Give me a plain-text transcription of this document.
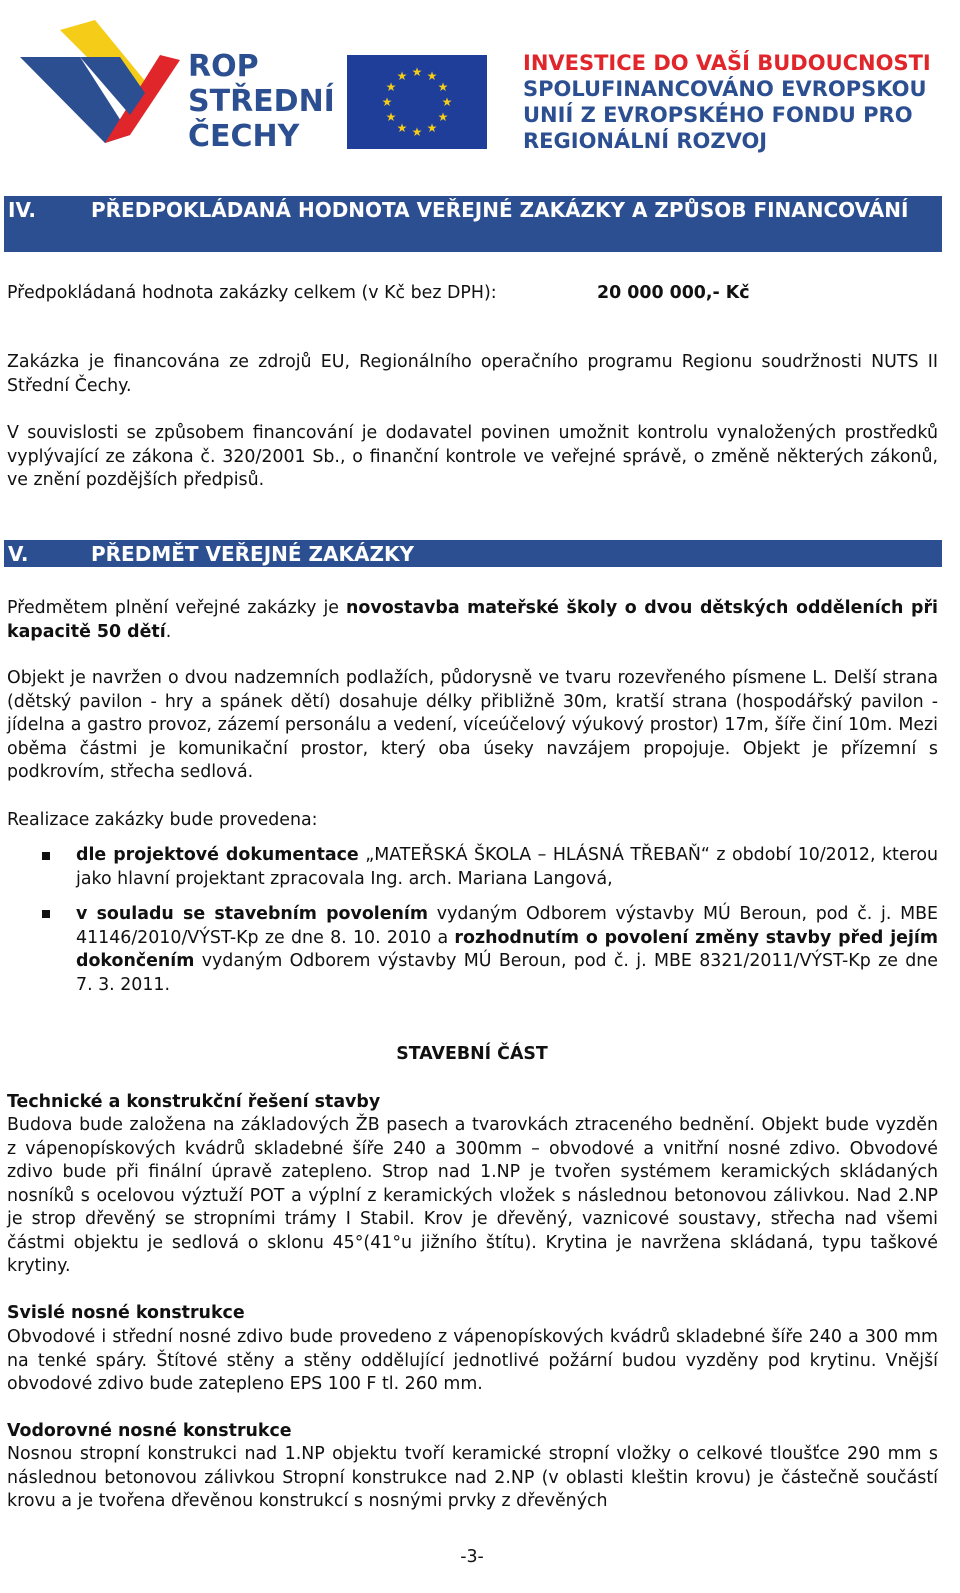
ROP
STŘEDNÍ
ČECHY
★ ★
★
★
★
★
★
★
★
★
★
★
INVESTICE DO VAŠÍ BUDOUCNOSTI
SPOLUFINANCOVÁNO EVROPSKOU
UNIÍ Z EVROPSKÉHO FONDU PRO
REGIONÁLNÍ ROZVOJ
IV.	PŘEDPOKLÁDANÁ HODNOTA VEŘEJNÉ ZAKÁZKY A ZPŮSOB FINANCOVÁNÍ
Předpokládaná hodnota zakázky celkem (v Kč bez DPH):	20 000 000,- Kč
Zakázka je financována ze zdrojů EU, Regionálního operačního programu Regionu soudržnosti NUTS II Střední Čechy.
V souvislosti se způsobem financování je dodavatel povinen umožnit kontrolu vynaložených prostředků vyplývající ze zákona č. 320/2001 Sb., o finanční kontrole ve veřejné správě, o změně některých zákonů, ve znění pozdějších předpisů.
V.	PŘEDMĚT VEŘEJNÉ ZAKÁZKY
Předmětem plnění veřejné zakázky je novostavba mateřské školy o dvou dětských odděleních při kapacitě 50 dětí.
Objekt je navržen o dvou nadzemních podlažích, půdorysně ve tvaru rozevřeného písmene L. Delší strana (dětský pavilon - hry a spánek dětí) dosahuje délky přibližně 30m, kratší strana (hospodářský pavilon - jídelna a gastro provoz, zázemí personálu a vedení, víceúčelový výukový prostor) 17m, šíře činí 10m. Mezi oběma částmi je komunikační prostor, který oba úseky navzájem propojuje. Objekt je přízemní s podkrovím, střecha sedlová.
Realizace zakázky bude provedena:
dle projektové dokumentace „MATEŘSKÁ ŠKOLA – HLÁSNÁ TŘEBAŇ“ z období 10/2012, kterou jako hlavní projektant zpracovala Ing. arch. Mariana Langová,
v souladu se stavebním povolením vydaným Odborem výstavby MÚ Beroun, pod č. j. MBE 41146/2010/VÝST-Kp ze dne 8. 10. 2010 a rozhodnutím o povolení změny stavby před jejím dokončením vydaným Odborem výstavby MÚ Beroun, pod č. j. MBE 8321/2011/VÝST-Kp ze dne 7. 3. 2011.
STAVEBNÍ ČÁST
Technické a konstrukční řešení stavby
Budova bude založena na základových ŽB pasech a tvarovkách ztraceného bednění. Objekt bude vyzděn z vápenopískových kvádrů skladebné šíře 240 a 300mm – obvodové a vnitřní nosné zdivo. Obvodové zdivo bude při finální úpravě zatepleno. Strop nad 1.NP je tvořen systémem keramických skládaných nosníků s ocelovou výztuží POT a výplní z keramických vložek s následnou betonovou zálivkou. Nad 2.NP je strop dřevěný se stropními trámy I Stabil. Krov je dřevěný, vaznicové soustavy, střecha nad všemi částmi objektu je sedlová o sklonu 45°(41°u jižního štítu). Krytina je navržena skládaná, typu taškové krytiny.
Svislé nosné konstrukce
Obvodové i střední nosné zdivo bude provedeno z vápenopískových kvádrů skladebné šíře 240 a 300 mm na tenké spáry. Štítové stěny a stěny oddělující jednotlivé požární budou vyzděny pod krytinu. Vnější obvodové zdivo bude zatepleno EPS 100 F tl. 260 mm.
Vodorovné nosné konstrukce
Nosnou stropní konstrukci nad 1.NP objektu tvoří keramické stropní vložky o celkové tloušťce 290 mm s následnou betonovou zálivkou Stropní konstrukce nad 2.NP (v oblasti kleštin krovu) je částečně součástí krovu a je tvořena dřevěnou konstrukcí s nosnými prvky z dřevěných
-3-
